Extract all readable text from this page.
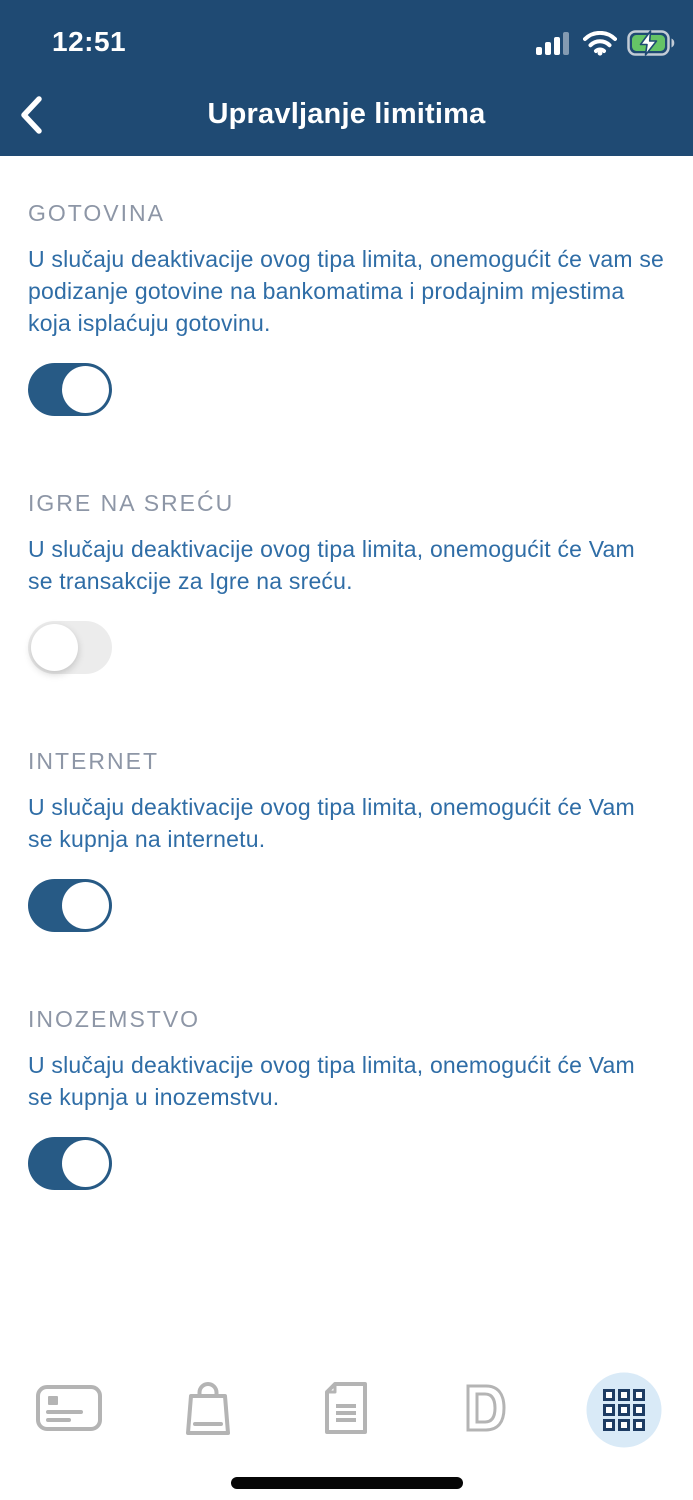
12:51
Upravljanje limitima
GOTOVINA
U slučaju deaktivacije ovog tipa limita, onemogućit će vam se podizanje gotovine na bankomatima i prodajnim mjestima koja isplaćuju gotovinu.
IGRE NA SREĆU
U slučaju deaktivacije ovog tipa limita, onemogućit će Vam se transakcije za Igre na sreću.
INTERNET
U slučaju deaktivacije ovog tipa limita, onemogućit će Vam se kupnja na internetu.
INOZEMSTVO
U slučaju deaktivacije ovog tipa limita, onemogućit će Vam se kupnja u inozemstvu.
